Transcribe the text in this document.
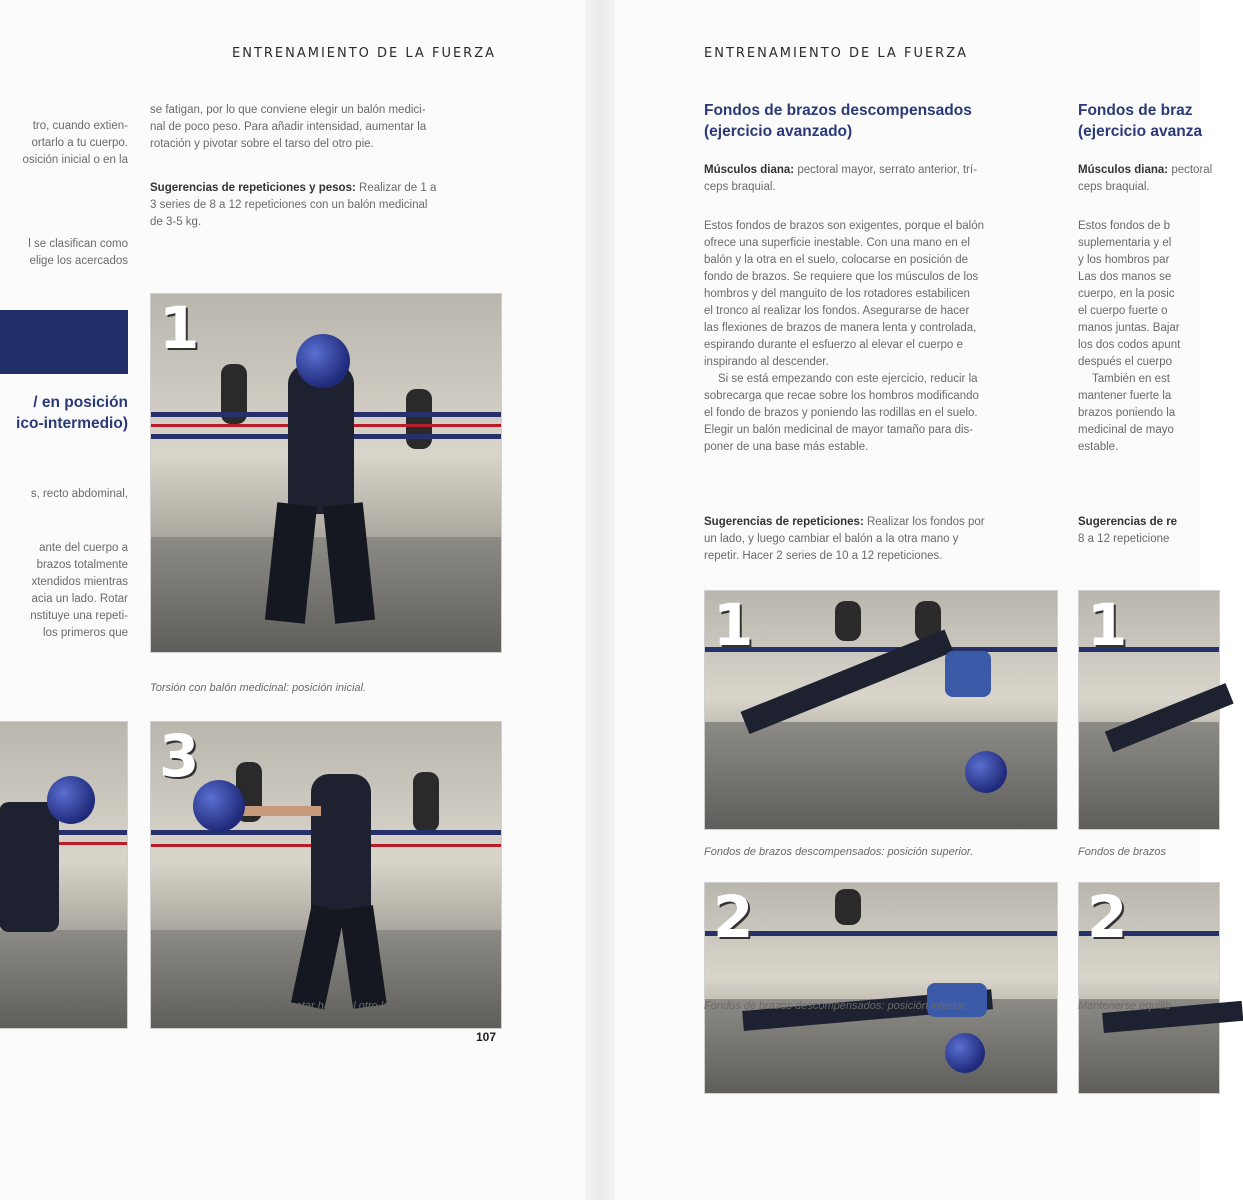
ENTRENAMIENTO DE LA FUERZA
tro, cuando extien-
ortarlo a tu cuerpo.
osición inicial o en la
l se clasifican como
elige los acercados
/ en posición
ico-intermedio)
s, recto abdominal,
ante del cuerpo a
brazos totalmente
xtendidos mientras
acia un lado. Rotar
nstituye una repeti-
los primeros que
se fatigan, por lo que conviene elegir un balón medici-
nal de poco peso. Para añadir intensidad, aumentar la
rotación y pivotar sobre el tarso del otro pie.
Sugerencias de repeticiones y pesos: Realizar de 1 a
3 series de 8 a 12 repeticiones con un balón medicinal
de 3-5 kg.
1
Torsión con balón medicinal: posición inicial.
cia un lado.
3
Torsión con balón medicinal: rotar hacia el otro lado.
107
ENTRENAMIENTO DE LA FUERZA
Fondos de brazos descompensados
(ejercicio avanzado)
Músculos diana: pectoral mayor, serrato anterior, trí-
ceps braquial.
Estos fondos de brazos son exigentes, porque el balón
ofrece una superficie inestable. Con una mano en el
balón y la otra en el suelo, colocarse en posición de
fondo de brazos. Se requiere que los músculos de los
hombros y del manguito de los rotadores estabilicen
el tronco al realizar los fondos. Asegurarse de hacer
las flexiones de brazos de manera lenta y controlada,
espirando durante el esfuerzo al elevar el cuerpo e
inspirando al descender.
Si se está empezando con este ejercicio, reducir la
sobrecarga que recae sobre los hombros modificando
el fondo de brazos y poniendo las rodillas en el suelo.
Elegir un balón medicinal de mayor tamaño para dis-
poner de una base más estable.
Sugerencias de repeticiones: Realizar los fondos por
un lado, y luego cambiar el balón a la otra mano y
repetir. Hacer 2 series de 10 a 12 repeticiones.
1
Fondos de brazos descompensados: posición superior.
2
Fondos de brazos descompensados: posición inferior.
Fondos de braz
(ejercicio avanza
Músculos diana: pectoral
ceps braquial.
Estos fondos de b
suplementaria y el
y los hombros par
Las dos manos se
cuerpo, en la posic
el cuerpo fuerte o
manos juntas. Bajar
los dos codos apunt
después el cuerpo
También en est
mantener fuerte la
brazos poniendo la
medicinal de mayo
estable.
Sugerencias de re
8 a 12 repeticione
1
Fondos de brazos
2
Mantenerse equilib
